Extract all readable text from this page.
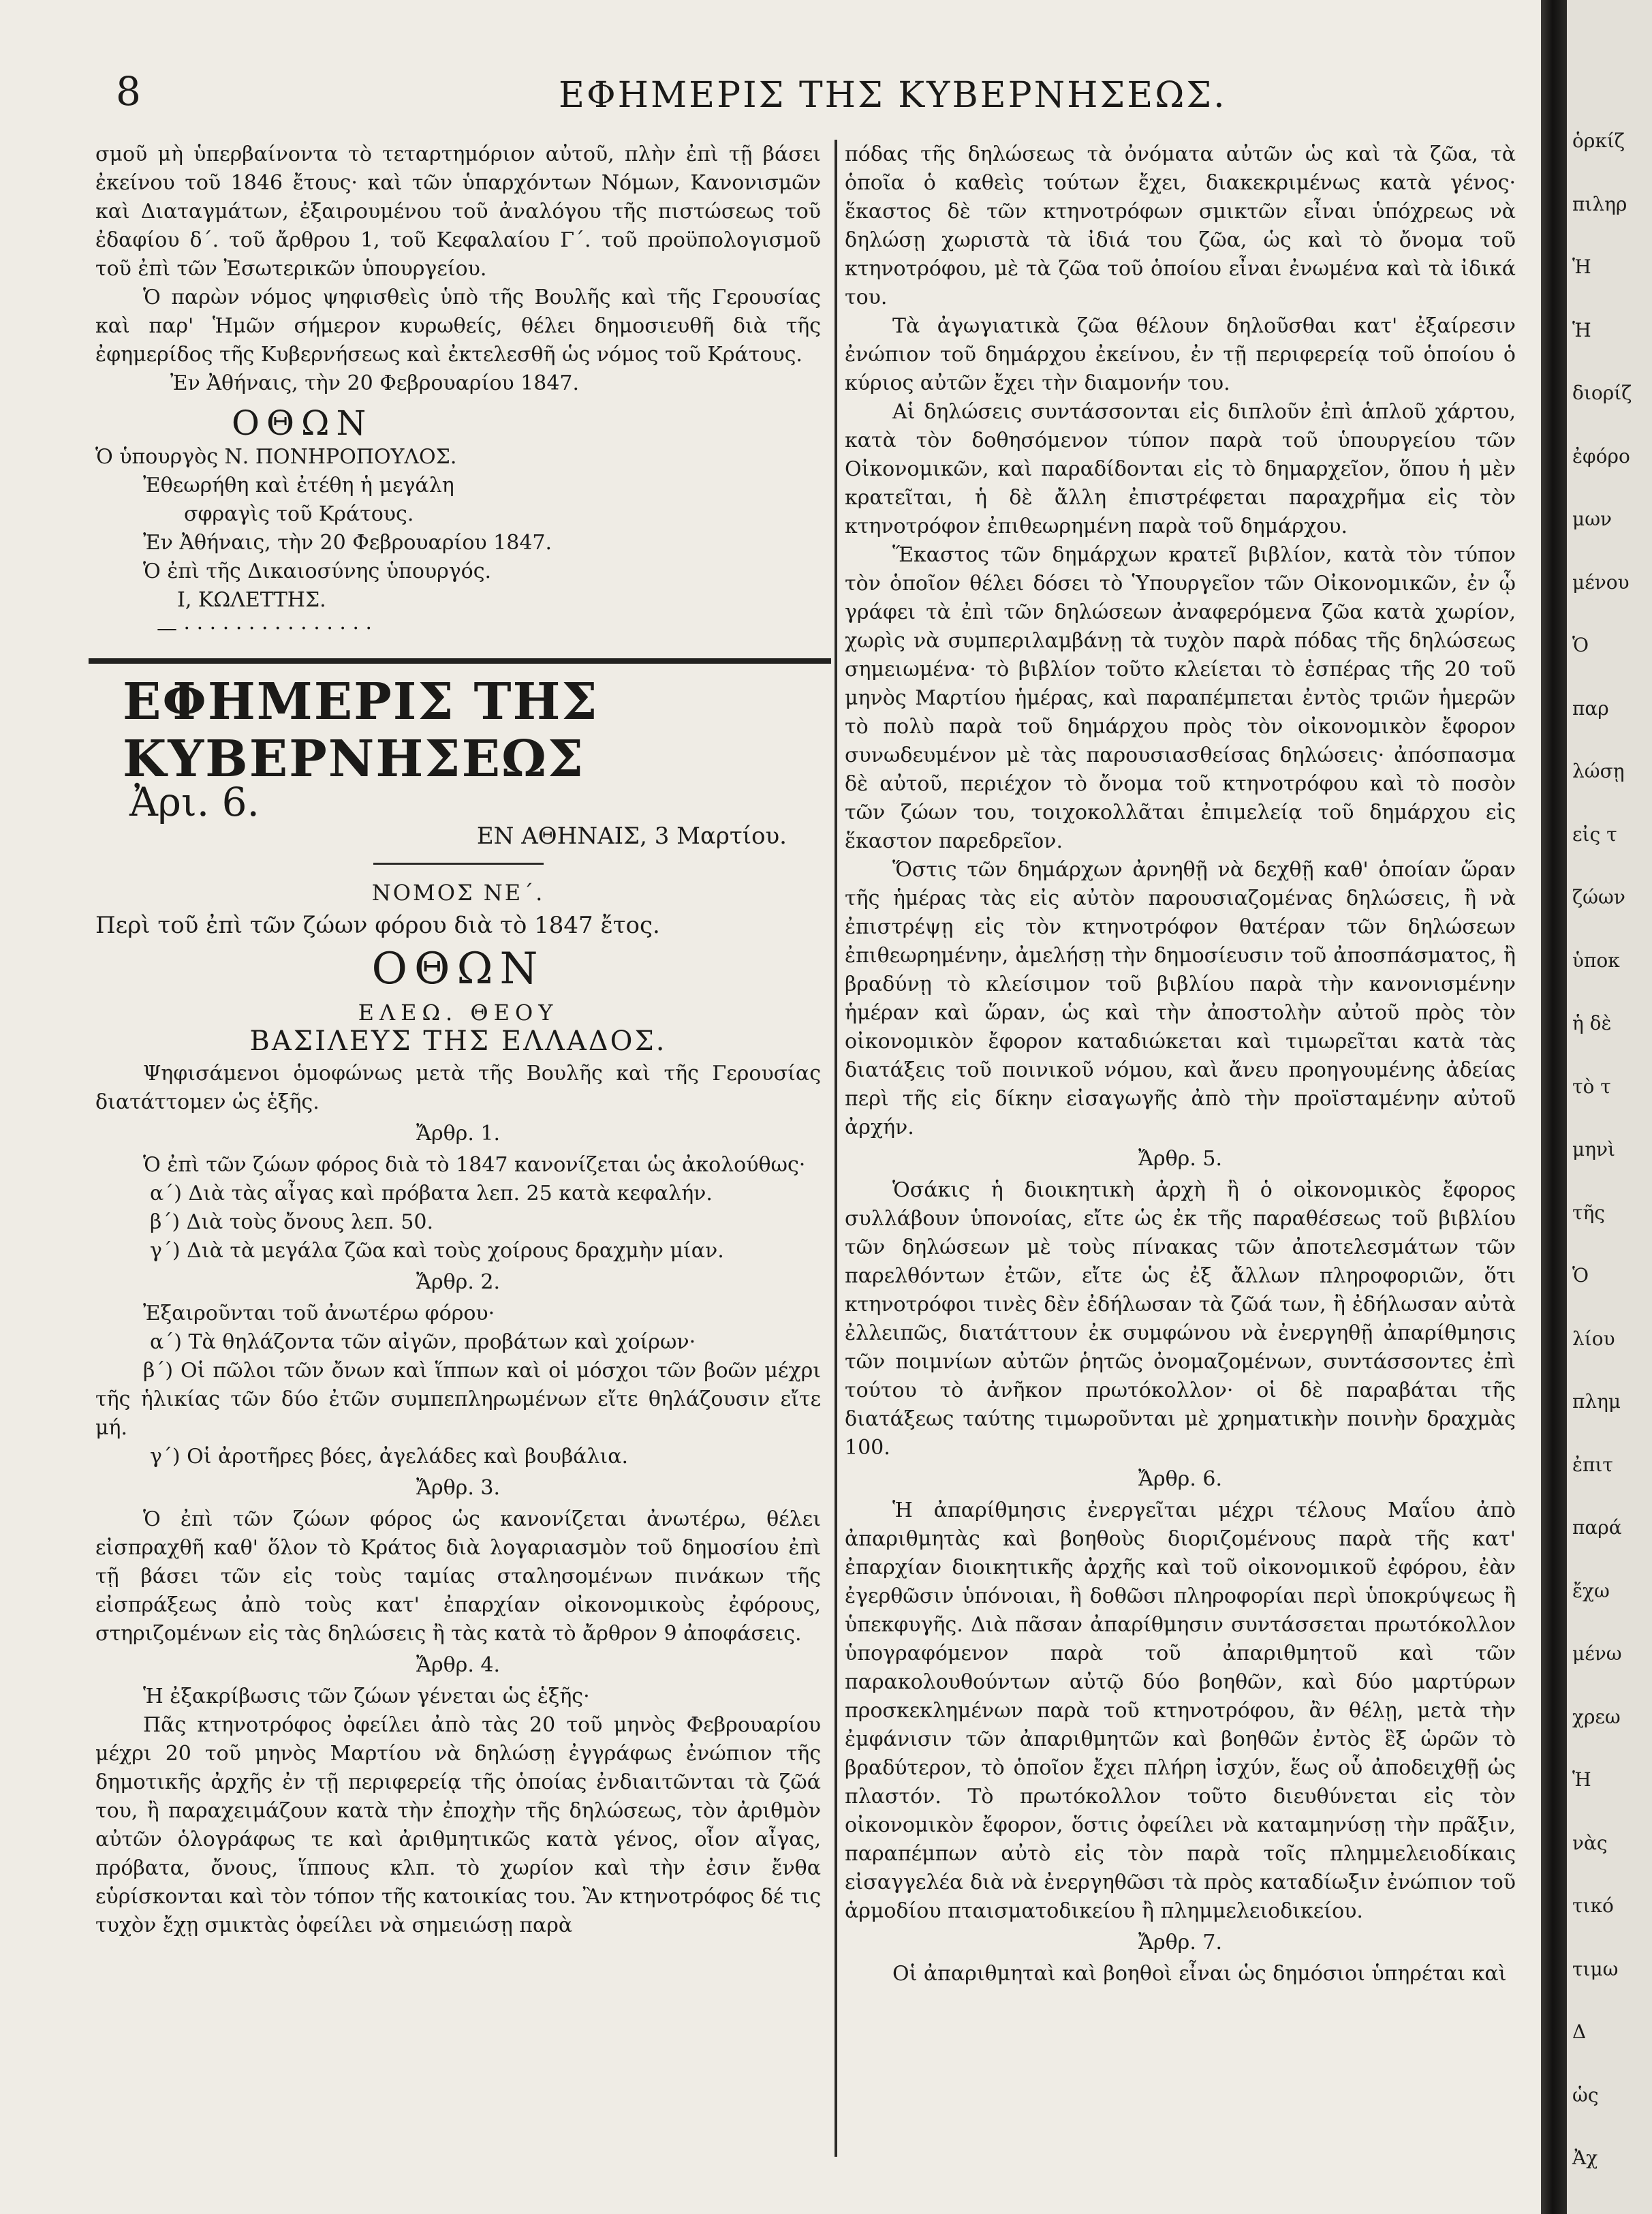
8	ΕΦΗΜΕΡΙΣ ΤΗΣ ΚΥΒΕΡΝΗΣΕΩΣ.

σμοῦ μὴ ὑπερβαίνοντα τὸ τεταρτημόριον αὐτοῦ, πλὴν ἐπὶ τῇ βάσει ἐκείνου τοῦ 1846 ἔτους· καὶ τῶν ὑπαρχόντων Νόμων, Κανονισμῶν καὶ Διαταγμάτων, ἐξαιρουμένου τοῦ ἀναλόγου τῆς πιστώσεως τοῦ ἐδαφίου δ΄. τοῦ ἄρθρου 1, τοῦ Κεφαλαίου Γ΄. τοῦ προϋπολογισμοῦ τοῦ ἐπὶ τῶν Ἐσωτερικῶν ὑπουργείου.

Ὁ παρὼν νόμος ψηφισθεὶς ὑπὸ τῆς Βουλῆς καὶ τῆς Γερουσίας καὶ παρ' Ἡμῶν σήμερον κυρωθείς, θέλει δημοσιευθῆ διὰ τῆς ἐφημερίδος τῆς Κυβερνήσεως καὶ ἐκτελεσθῆ ὡς νόμος τοῦ Κράτους.

Ἐν Ἀθήναις, τὴν 20 Φεβρουαρίου 1847.

ΟΘΩΝ

Ὁ ὑπουργὸς Ν. ΠΟΝΗΡΟΠΟΥΛΟΣ.

Ἐθεωρήθη καὶ ἐτέθη ἡ μεγάλη

σφραγὶς τοῦ Κράτους.

Ἐν Ἀθήναις, τὴν 20 Φεβρουαρίου 1847.

Ὁ ἐπὶ τῆς Δικαιοσύνης ὑπουργός.

Ι, ΚΩΛΕΤΤΗΣ.

— · · · · · · · · · · · · · · ·

ΕΦΗΜΕΡΙΣ ΤΗΣ ΚΥΒΕΡΝΗΣΕΩΣ
Ἀρι. 6.
ΕΝ ΑΘΗΝΑΙΣ, 3 Μαρτίου.
ΝΟΜΟΣ ΝΕ΄.

Περὶ τοῦ ἐπὶ τῶν ζώων φόρου διὰ τὸ 1847 ἔτος.

ΟΘΩΝ
ΕΛΕΩ. ΘΕΟΥ
ΒΑΣΙΛΕΥΣ ΤΗΣ ΕΛΛΑΔΟΣ.

Ψηφισάμενοι ὁμοφώνως μετὰ τῆς Βουλῆς καὶ τῆς Γερουσίας διατάττομεν ὡς ἑξῆς.

Ἄρθρ. 1.

Ὁ ἐπὶ τῶν ζώων φόρος διὰ τὸ 1847 κανονίζεται ὡς ἀκολούθως·

α΄) Διὰ τὰς αἶγας καὶ πρόβατα λεπ. 25 κατὰ κεφαλήν.

β΄) Διὰ τοὺς ὄνους λεπ. 50.

γ΄) Διὰ τὰ μεγάλα ζῶα καὶ τοὺς χοίρους δραχμὴν μίαν.

Ἄρθρ. 2.

Ἐξαιροῦνται τοῦ ἀνωτέρω φόρου·

α΄) Τὰ θηλάζοντα τῶν αἰγῶν, προβάτων καὶ χοίρων·

β΄) Οἱ πῶλοι τῶν ὄνων καὶ ἵππων καὶ οἱ μόσχοι τῶν βοῶν μέχρι τῆς ἡλικίας τῶν δύο ἐτῶν συμπεπληρωμένων εἴτε θηλάζουσιν εἴτε μή.

γ΄) Οἱ ἀροτῆρες βόες, ἀγελάδες καὶ βουβάλια.

Ἄρθρ. 3.

Ὁ ἐπὶ τῶν ζώων φόρος ὡς κανονίζεται ἀνωτέρω, θέλει εἰσπραχθῆ καθ' ὅλον τὸ Κράτος διὰ λογαριασμὸν τοῦ δημοσίου ἐπὶ τῇ βάσει τῶν εἰς τοὺς ταμίας σταλησομένων πινάκων τῆς εἰσπράξεως ἀπὸ τοὺς κατ' ἐπαρχίαν οἰκονομικοὺς ἐφόρους, στηριζομένων εἰς τὰς δηλώσεις ἢ τὰς κατὰ τὸ ἄρθρον 9 ἀποφάσεις.

Ἄρθρ. 4.

Ἡ ἐξακρίβωσις τῶν ζώων γένεται ὡς ἑξῆς·

Πᾶς κτηνοτρόφος ὀφείλει ἀπὸ τὰς 20 τοῦ μηνὸς Φεβρουαρίου μέχρι 20 τοῦ μηνὸς Μαρτίου νὰ δηλώσῃ ἐγγράφως ἐνώπιον τῆς δημοτικῆς ἀρχῆς ἐν τῇ περιφερείᾳ τῆς ὁποίας ἐνδιαιτῶνται τὰ ζῶά του, ἢ παραχειμάζουν κατὰ τὴν ἐποχὴν τῆς δηλώσεως, τὸν ἀριθμὸν αὐτῶν ὁλογράφως τε καὶ ἀριθμητικῶς κατὰ γένος, οἷον αἶγας, πρόβατα, ὄνους, ἵππους κλπ. τὸ χωρίον καὶ τὴν ἐσιν ἔνθα εὑρίσκονται καὶ τὸν τόπον τῆς κατοικίας του. Ἂν κτηνοτρόφος δέ τις τυχὸν ἔχῃ σμικτὰς ὀφείλει νὰ σημειώσῃ παρὰ

πόδας τῆς δηλώσεως τὰ ὀνόματα αὐτῶν ὡς καὶ τὰ ζῶα, τὰ ὁποῖα ὁ καθεὶς τούτων ἔχει, διακεκριμένως κατὰ γένος· ἕκαστος δὲ τῶν κτηνοτρόφων σμικτῶν εἶναι ὑπόχρεως νὰ δηλώσῃ χωριστὰ τὰ ἰδιά του ζῶα, ὡς καὶ τὸ ὄνομα τοῦ κτηνοτρόφου, μὲ τὰ ζῶα τοῦ ὁποίου εἶναι ἐνωμένα καὶ τὰ ἰδικά του.

Τὰ ἀγωγιατικὰ ζῶα θέλουν δηλοῦσθαι κατ' ἐξαίρεσιν ἐνώπιον τοῦ δημάρχου ἐκείνου, ἐν τῇ περιφερείᾳ τοῦ ὁποίου ὁ κύριος αὐτῶν ἔχει τὴν διαμονήν του.

Αἱ δηλώσεις συντάσσονται εἰς διπλοῦν ἐπὶ ἁπλοῦ χάρτου, κατὰ τὸν δοθησόμενον τύπον παρὰ τοῦ ὑπουργείου τῶν Οἰκονομικῶν, καὶ παραδίδονται εἰς τὸ δημαρχεῖον, ὅπου ἡ μὲν κρατεῖται, ἡ δὲ ἄλλη ἐπιστρέφεται παραχρῆμα εἰς τὸν κτηνοτρόφον ἐπιθεωρημένη παρὰ τοῦ δημάρχου.

Ἕκαστος τῶν δημάρχων κρατεῖ βιβλίον, κατὰ τὸν τύπον τὸν ὁποῖον θέλει δόσει τὸ Ὑπουργεῖον τῶν Οἰκονομικῶν, ἐν ᾧ γράφει τὰ ἐπὶ τῶν δηλώσεων ἀναφερόμενα ζῶα κατὰ χωρίον, χωρὶς νὰ συμπεριλαμβάνῃ τὰ τυχὸν παρὰ πόδας τῆς δηλώσεως σημειωμένα· τὸ βιβλίον τοῦτο κλείεται τὸ ἑσπέρας τῆς 20 τοῦ μηνὸς Μαρτίου ἡμέρας, καὶ παραπέμπεται ἐντὸς τριῶν ἡμερῶν τὸ πολὺ παρὰ τοῦ δημάρχου πρὸς τὸν οἰκονομικὸν ἔφορον συνωδευμένον μὲ τὰς παρουσιασθείσας δηλώσεις· ἀπόσπασμα δὲ αὐτοῦ, περιέχον τὸ ὄνομα τοῦ κτηνοτρόφου καὶ τὸ ποσὸν τῶν ζώων του, τοιχοκολλᾶται ἐπιμελείᾳ τοῦ δημάρχου εἰς ἕκαστον παρεδρεῖον.

Ὅστις τῶν δημάρχων ἀρνηθῇ νὰ δεχθῇ καθ' ὁποίαν ὥραν τῆς ἡμέρας τὰς εἰς αὐτὸν παρουσιαζομένας δηλώσεις, ἢ νὰ ἐπιστρέψῃ εἰς τὸν κτηνοτρόφον θατέραν τῶν δηλώσεων ἐπιθεωρημένην, ἀμελήσῃ τὴν δημοσίευσιν τοῦ ἀποσπάσματος, ἢ βραδύνῃ τὸ κλείσιμον τοῦ βιβλίου παρὰ τὴν κανονισμένην ἡμέραν καὶ ὥραν, ὡς καὶ τὴν ἀποστολὴν αὐτοῦ πρὸς τὸν οἰκονομικὸν ἔφορον καταδιώκεται καὶ τιμωρεῖται κατὰ τὰς διατάξεις τοῦ ποινικοῦ νόμου, καὶ ἄνευ προηγουμένης ἀδείας περὶ τῆς εἰς δίκην εἰσαγωγῆς ἀπὸ τὴν προϊσταμένην αὐτοῦ ἀρχήν.

Ἄρθρ. 5.

Ὁσάκις ἡ διοικητικὴ ἀρχὴ ἢ ὁ οἰκονομικὸς ἔφορος συλλάβουν ὑπονοίας, εἴτε ὡς ἐκ τῆς παραθέσεως τοῦ βιβλίου τῶν δηλώσεων μὲ τοὺς πίνακας τῶν ἀποτελεσμάτων τῶν παρελθόντων ἐτῶν, εἴτε ὡς ἐξ ἄλλων πληροφοριῶν, ὅτι κτηνοτρόφοι τινὲς δὲν ἐδήλωσαν τὰ ζῶά των, ἢ ἐδήλωσαν αὐτὰ ἐλλειπῶς, διατάττουν ἐκ συμφώνου νὰ ἐνεργηθῇ ἀπαρίθμησις τῶν ποιμνίων αὐτῶν ῥητῶς ὀνομαζομένων, συντάσσοντες ἐπὶ τούτου τὸ ἀνῆκον πρωτόκολλον· οἱ δὲ παραβάται τῆς διατάξεως ταύτης τιμωροῦνται μὲ χρηματικὴν ποινὴν δραχμὰς 100.

Ἄρθρ. 6.

Ἡ ἀπαρίθμησις ἐνεργεῖται μέχρι τέλους Μαΐου ἀπὸ ἀπαριθμητὰς καὶ βοηθοὺς διοριζομένους παρὰ τῆς κατ' ἐπαρχίαν διοικητικῆς ἀρχῆς καὶ τοῦ οἰκονομικοῦ ἐφόρου, ἐὰν ἐγερθῶσιν ὑπόνοιαι, ἢ δοθῶσι πληροφορίαι περὶ ὑποκρύψεως ἢ ὑπεκφυγῆς. Διὰ πᾶσαν ἀπαρίθμησιν συντάσσεται πρωτόκολλον ὑπογραφόμενον παρὰ τοῦ ἀπαριθμητοῦ καὶ τῶν παρακολουθούντων αὐτῷ δύο βοηθῶν, καὶ δύο μαρτύρων προσκεκλημένων παρὰ τοῦ κτηνοτρόφου, ἂν θέλῃ, μετὰ τὴν ἐμφάνισιν τῶν ἀπαριθμητῶν καὶ βοηθῶν ἐντὸς ἓξ ὡρῶν τὸ βραδύτερον, τὸ ὁποῖον ἔχει πλήρη ἰσχύν, ἕως οὗ ἀποδειχθῇ ὡς πλαστόν. Τὸ πρωτόκολλον τοῦτο διευθύνεται εἰς τὸν οἰκονομικὸν ἔφορον, ὅστις ὀφείλει νὰ καταμηνύσῃ τὴν πρᾶξιν, παραπέμπων αὐτὸ εἰς τὸν παρὰ τοῖς πλημμελειοδίκαις εἰσαγγελέα διὰ νὰ ἐνεργηθῶσι τὰ πρὸς καταδίωξιν ἐνώπιον τοῦ ἁρμοδίου πταισματοδικείου ἢ πλημμελειοδικείου.

Ἄρθρ. 7.

Οἱ ἀπαριθμηταὶ καὶ βοηθοὶ εἶναι ὡς δημόσιοι ὑπηρέται καὶ

ὁρκίζ
πιληρ
Ἡ
Ἡ
διορίζ
ἐφόρο
μων
μένου
Ὁ
παρ
λώσῃ
εἰς τ
ζώων
ὑποκ
ἡ δὲ
τὸ τ
μηνὶ
τῆς
Ὁ
λίου
πλημ
ἐπιτ
παρά
ἔχω
μένω
χρεω
Ἡ
νὰς
τικό
τιμω
Δ
ὡς
Ἀχ
